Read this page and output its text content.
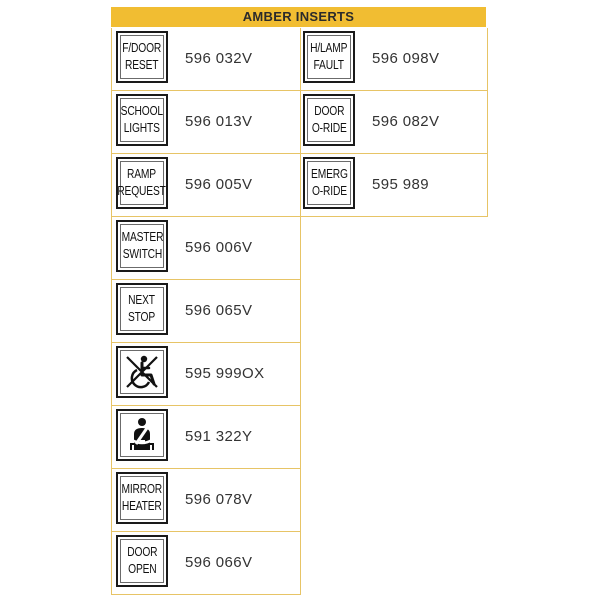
AMBER INSERTS
F/DOOR
RESET 596 032V
SCHOOL
LIGHTS 596 013V
RAMP
REQUEST 596 005V
MASTER
SWITCH 596 006V
NEXT
STOP 596 065V
595 999OX
591 322Y
MIRROR
HEATER 596 078V
DOOR
OPEN 596 066V
H/LAMP
FAULT 596 098V
DOOR
O-RIDE 596 082V
EMERG
O-RIDE 595 989
